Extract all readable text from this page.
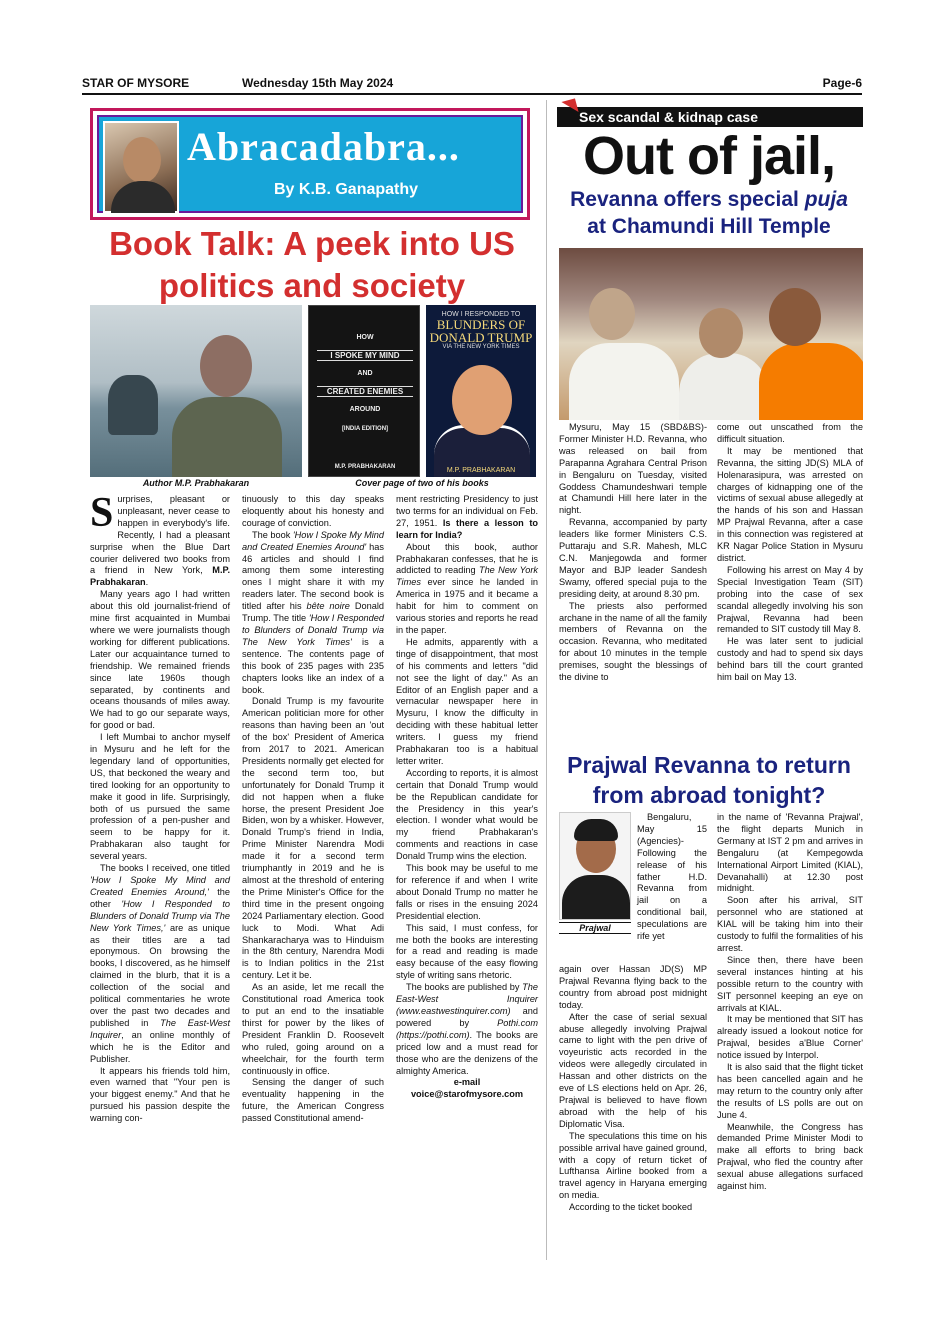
STAR OF MYSORE	Wednesday 15th May 2024	Page-6
Abracadabra...
By K.B. Ganapathy
Book Talk: A peek into US
politics and society
HOW
I SPOKE MY MIND
AND
CREATED ENEMIES
AROUND
[INDIA EDITION]
M.P. PRABHAKARAN
HOW I RESPONDED TO
BLUNDERS OF DONALD TRUMP
VIA THE NEW YORK TIMES
M.P. PRABHAKARAN
Author M.P. Prabhakaran	Cover page of two of his books

Surprises, pleasant or unpleasant, never cease to happen in everybody's life. Recently, I had a pleasant surprise when the Blue Dart courier delivered two books from a friend in New York, M.P. Prabhakaran.

Many years ago I had written about this old journalist-friend of mine first acquainted in Mumbai where we were journalists though working for different publications. Later our acquaintance turned to friendship. We remained friends since late 1960s though separated, by continents and oceans thousands of miles away. We had to go our separate ways, for good or bad.

I left Mumbai to anchor myself in Mysuru and he left for the legendary land of opportunities, US, that beckoned the weary and tired looking for an opportunity to make it good in life. Surprisingly, both of us pursued the same profession of a pen-pusher and seem to be happy for it. Prabhakaran also taught for several years.

The books I received, one titled 'How I Spoke My Mind and Created Enemies Around,' the other 'How I Responded to Blunders of Donald Trump via The New York Times,' are as unique as their titles are a tad eponymous. On browsing the books, I discovered, as he himself claimed in the blurb, that it is a collection of the social and political commentaries he wrote over the past two decades and published in The East-West Inquirer, an online monthly of which he is the Editor and Publisher.

It appears his friends told him, even warned that "Your pen is your biggest enemy." And that he pursued his passion despite the warning con-

tinuously to this day speaks eloquently about his honesty and courage of conviction.

The book 'How I Spoke My Mind and Created Enemies Around' has 46 articles and should I find among them some interesting ones I might share it with my readers later. The second book is titled after his bête noire Donald Trump. The title 'How I Responded to Blunders of Donald Trump via The New York Times' is a sentence. The contents page of this book of 235 pages with 235 chapters looks like an index of a book.

Donald Trump is my favourite American politician more for other reasons than having been an 'out of the box' President of America from 2017 to 2021. American Presidents normally get elected for the second term too, but unfortunately for Donald Trump it did not happen when a fluke horse, the present President Joe Biden, won by a whisker. However, Donald Trump's friend in India, Prime Minister Narendra Modi made it for a second term triumphantly in 2019 and he is almost at the threshold of entering the Prime Minister's Office for the third time in the present ongoing 2024 Parliamentary election. Good luck to Modi. What Adi Shankaracharya was to Hinduism in the 8th century, Narendra Modi is to Indian politics in the 21st century. Let it be.

As an aside, let me recall the Constitutional road America took to put an end to the insatiable thirst for power by the likes of President Franklin D. Roosevelt who ruled, going around on a wheelchair, for the fourth term continuously in office.

Sensing the danger of such eventuality happening in the future, the American Congress passed Constitutional amend-

ment restricting Presidency to just two terms for an individual on Feb. 27, 1951. Is there a lesson to learn for India?

About this book, author Prabhakaran confesses, that he is addicted to reading The New York Times ever since he landed in America in 1975 and it became a habit for him to comment on various stories and reports he read in the paper.

He admits, apparently with a tinge of disappointment, that most of his comments and letters "did not see the light of day." As an Editor of an English paper and a vernacular newspaper here in Mysuru, I know the difficulty in deciding with these habitual letter writers. I guess my friend Prabhakaran too is a habitual letter writer.

According to reports, it is almost certain that Donald Trump would be the Republican candidate for the Presidency in this year's election. I wonder what would be my friend Prabhakaran's comments and reactions in case Donald Trump wins the election.

This book may be useful to me for reference if and when I write about Donald Trump no matter he falls or rises in the ensuing 2024 Presidential election.

This said, I must confess, for me both the books are interesting for a read and reading is made easy because of the easy flowing style of writing sans rhetoric.

The books are published by The East-West Inquirer (www.eastwestinquirer.com) and powered by Pothi.com (https://pothi.com). The books are priced low and a must read for those who are the denizens of the almighty America.

e-mail

voice@starofmysore.com

Sex scandal & kidnap case
Out of jail,
Revanna offers special puja
at Chamundi Hill Temple

Mysuru, May 15 (SBD&BS)- Former Minister H.D. Revanna, who was released on bail from Parapanna Agrahara Central Prison in Bengaluru on Tuesday, visited Goddess Chamundeshwari temple at Chamundi Hill here later in the night.

Revanna, accompanied by party leaders like former Ministers C.S. Puttaraju and S.R. Mahesh, MLC C.N. Manjegowda and former Mayor and BJP leader Sandesh Swamy, offered special puja to the presiding deity, at around 8.30 pm.

The priests also performed archane in the name of all the family members of Revanna on the occasion. Revanna, who meditated for about 10 minutes in the temple premises, sought the blessings of the divine to

come out unscathed from the difficult situation.

It may be mentioned that Revanna, the sitting JD(S) MLA of Holenarasipura, was arrested on charges of kidnapping one of the victims of sexual abuse allegedly at the hands of his son and Hassan MP Prajwal Revanna, after a case in this connection was registered at KR Nagar Police Station in Mysuru district.

Following his arrest on May 4 by Special Investigation Team (SIT) probing into the case of sex scandal allegedly involving his son Prajwal, Revanna had been remanded to SIT custody till May 8.

He was later sent to judicial custody and had to spend six days behind bars till the court granted him bail on May 13.

Prajwal Revanna to return
from abroad tonight?
Prajwal

Bengaluru, May 15 (Agencies)- Following the release of his father H.D. Revanna from jail on a conditional bail, speculations are rife yet

again over Hassan JD(S) MP Prajwal Revanna flying back to the country from abroad post midnight today.

After the case of serial sexual abuse allegedly involving Prajwal came to light with the pen drive of voyeuristic acts recorded in the videos were allegedly circulated in Hassan and other districts on the eve of LS elections held on Apr. 26, Prajwal is believed to have flown abroad with the help of his Diplomatic Visa.

The speculations this time on his possible arrival have gained ground, with a copy of return ticket of Lufthansa Airline booked from a travel agency in Haryana emerging on media.

According to the ticket booked

in the name of 'Revanna Prajwal', the flight departs Munich in Germany at IST 2 pm and arrives in Bengaluru (at Kempegowda International Airport Limited (KIAL), Devanahalli) at 12.30 post midnight.

Soon after his arrival, SIT personnel who are stationed at KIAL will be taking him into their custody to fulfil the formalities of his arrest.

Since then, there have been several instances hinting at his possible return to the country with SIT personnel keeping an eye on arrivals at KIAL.

It may be mentioned that SIT has already issued a lookout notice for Prajwal, besides a'Blue Corner' notice issued by Interpol.

It is also said that the flight ticket has been cancelled again and he may return to the country only after the results of LS polls are out on June 4.

Meanwhile, the Congress has demanded Prime Minister Modi to make all efforts to bring back Prajwal, who fled the country after sexual abuse allegations surfaced against him.
